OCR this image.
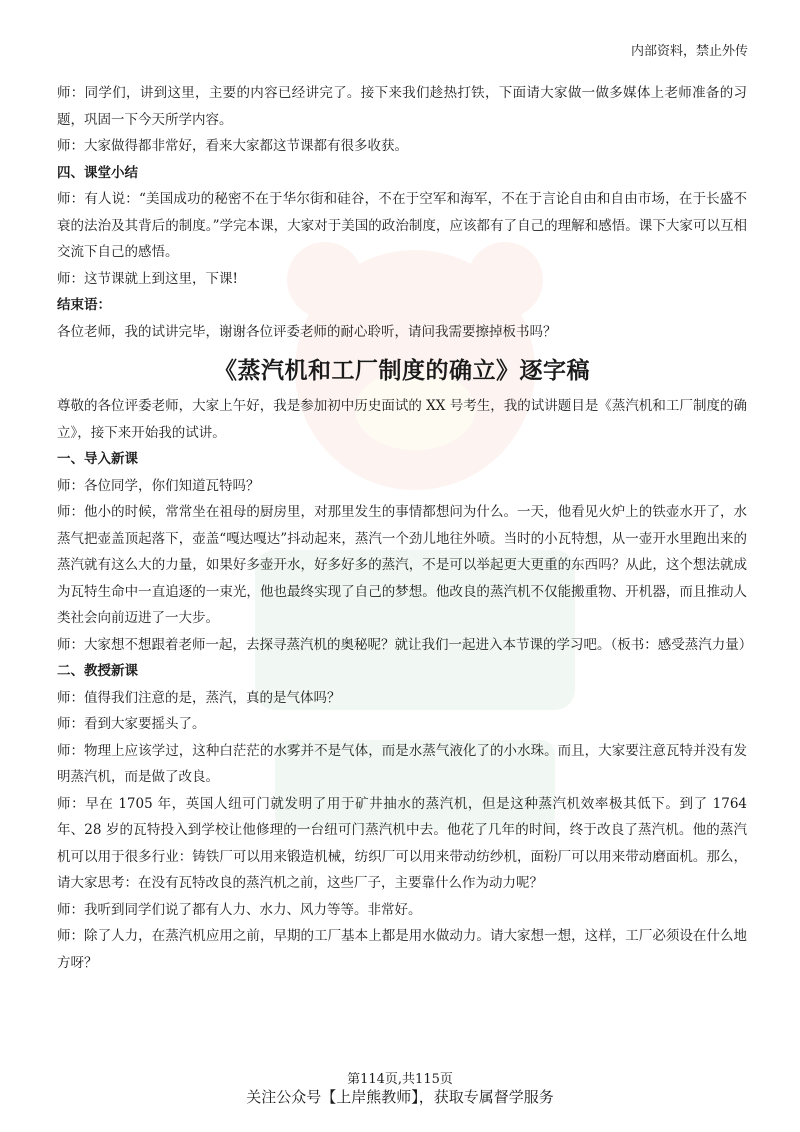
内部资料，禁止外传

师：同学们，讲到这里，主要的内容已经讲完了。接下来我们趁热打铁，下面请大家做一做多媒体上老师准备的习题，巩固一下今天所学内容。

师：大家做得都非常好，看来大家都这节课都有很多收获。

四、课堂小结

师：有人说：“美国成功的秘密不在于华尔街和硅谷，不在于空军和海军，不在于言论自由和自由市场，在于长盛不衰的法治及其背后的制度。”学完本课，大家对于美国的政治制度，应该都有了自己的理解和感悟。课下大家可以互相交流下自己的感悟。

师：这节课就上到这里，下课!

结束语：

各位老师，我的试讲完毕，谢谢各位评委老师的耐心聆听，请问我需要擦掉板书吗？

《蒸汽机和工厂制度的确立》逐字稿

尊敬的各位评委老师，大家上午好，我是参加初中历史面试的 XX 号考生，我的试讲题目是《蒸汽机和工厂制度的确立》，接下来开始我的试讲。

一、导入新课

师：各位同学，你们知道瓦特吗？

师：他小的时候，常常坐在祖母的厨房里，对那里发生的事情都想问为什么。一天，他看见火炉上的铁壶水开了，水蒸气把壶盖顶起落下，壶盖“嘎达嘎达”抖动起来，蒸汽一个劲儿地往外喷。当时的小瓦特想，从一壶开水里跑出来的蒸汽就有这么大的力量，如果好多壶开水，好多好多的蒸汽，不是可以举起更大更重的东西吗？从此，这个想法就成为瓦特生命中一直追逐的一束光，他也最终实现了自己的梦想。他改良的蒸汽机不仅能搬重物、开机器，而且推动人类社会向前迈进了一大步。

师：大家想不想跟着老师一起，去探寻蒸汽机的奥秘呢？就让我们一起进入本节课的学习吧。（板书：感受蒸汽力量）

二、教授新课

师：值得我们注意的是，蒸汽，真的是气体吗？

师：看到大家要摇头了。

师：物理上应该学过，这种白茫茫的水雾并不是气体，而是水蒸气液化了的小水珠。而且，大家要注意瓦特并没有发明蒸汽机，而是做了改良。

师：早在 1705 年，英国人纽可门就发明了用于矿井抽水的蒸汽机，但是这种蒸汽机效率极其低下。到了 1764 年、28 岁的瓦特投入到学校让他修理的一台纽可门蒸汽机中去。他花了几年的时间，终于改良了蒸汽机。他的蒸汽机可以用于很多行业：铸铁厂可以用来锻造机械，纺织厂可以用来带动纺纱机，面粉厂可以用来带动磨面机。那么，请大家思考：在没有瓦特改良的蒸汽机之前，这些厂子，主要靠什么作为动力呢？

师：我听到同学们说了都有人力、水力、风力等等。非常好。

师：除了人力，在蒸汽机应用之前，早期的工厂基本上都是用水做动力。请大家想一想，这样，工厂必须设在什么地方呀？

第114页,共115页
关注公众号【上岸熊教师】，获取专属督学服务
